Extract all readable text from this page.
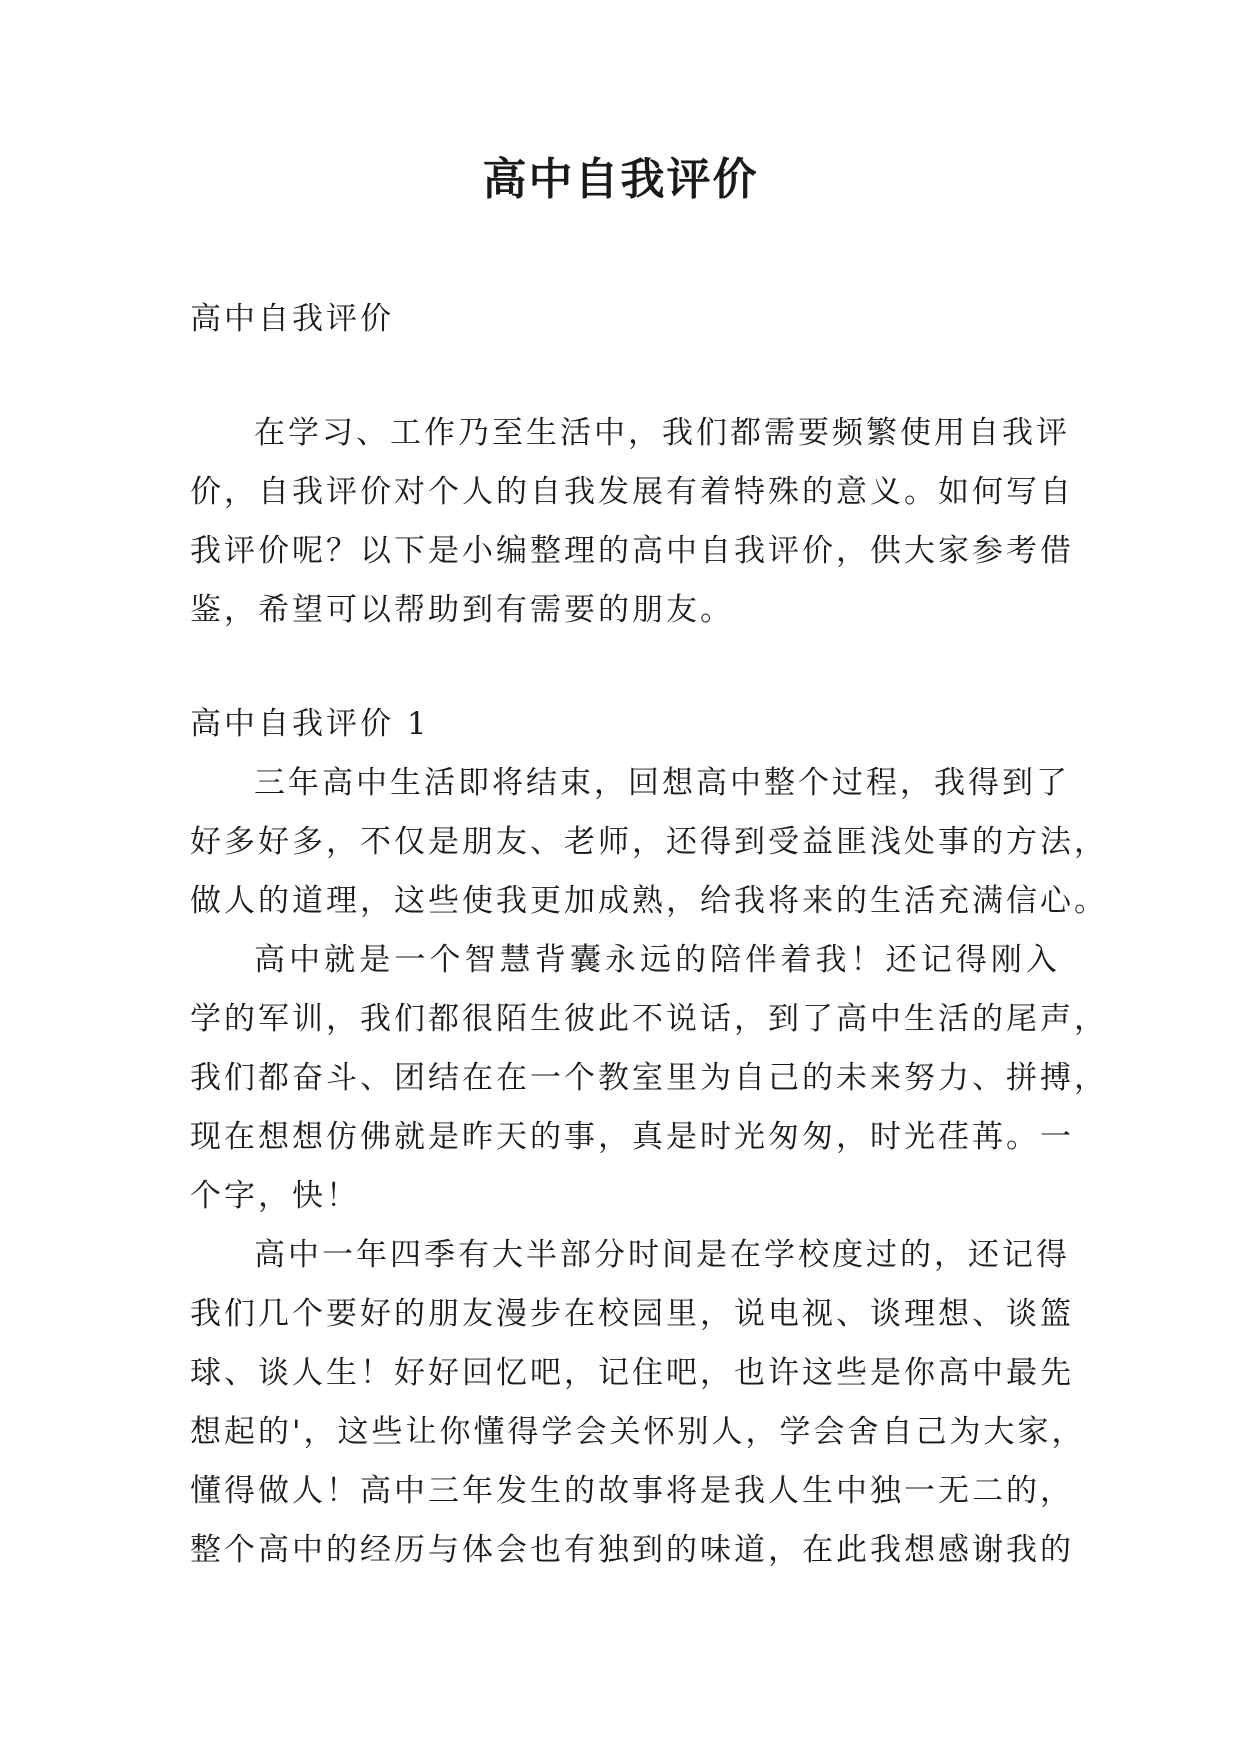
高中自我评价
高中自我评价
在学习、工作乃至生活中，我们都需要频繁使用自我评
价，自我评价对个人的自我发展有着特殊的意义。如何写自
我评价呢？以下是小编整理的高中自我评价，供大家参考借
鉴，希望可以帮助到有需要的朋友。
高中自我评价 1
三年高中生活即将结束，回想高中整个过程，我得到了
好多好多，不仅是朋友、老师，还得到受益匪浅处事的方法，
做人的道理，这些使我更加成熟，给我将来的生活充满信心。
高中就是一个智慧背囊永远的陪伴着我！还记得刚入
学的军训，我们都很陌生彼此不说话，到了高中生活的尾声，
我们都奋斗、团结在在一个教室里为自己的未来努力、拼搏，
现在想想仿佛就是昨天的事，真是时光匆匆，时光荏苒。一
个字，快！
高中一年四季有大半部分时间是在学校度过的，还记得
我们几个要好的朋友漫步在校园里，说电视、谈理想、谈篮
球、谈人生！好好回忆吧，记住吧，也许这些是你高中最先
想起的'，这些让你懂得学会关怀别人，学会舍自己为大家，
懂得做人！高中三年发生的故事将是我人生中独一无二的，
整个高中的经历与体会也有独到的味道，在此我想感谢我的
